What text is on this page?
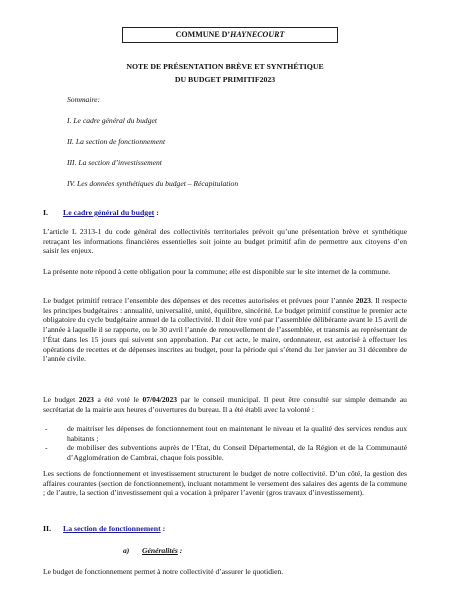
COMMUNE D’HAYNECOURT
NOTE DE PRÉSENTATION BRÈVE ET SYNTHÉTIQUE
DU BUDGET PRIMITIF2023
Sommaire:
I. Le cadre général du budget
II. La section de fonctionnement
III. La section d’investissement
IV. Les données synthétiques du budget – Récapitulation
I. Le cadre général du budget :

L’article L 2313-1 du code général des collectivités territoriales prévoit qu’une présentation brève et synthétique retraçant les informations financières essentielles soit jointe au budget primitif afin de permettre aux citoyens d’en saisir les enjeux.

La présente note répond à cette obligation pour la commune; elle est disponible sur le site internet de la commune.

Le budget primitif retrace l’ensemble des dépenses et des recettes autorisées et prévues pour l’année 2023. Il respecte les principes budgétaires : annualité, universalité, unité, équilibre, sincérité. Le budget primitif constitue le premier acte obligatoire du cycle budgétaire annuel de la collectivité. Il doit être voté par l’assemblée délibérante avant le 15 avril de l’année à laquelle il se rapporte, ou le 30 avril l’année de renouvellement de l’assemblée, et transmis au représentant de l’État dans les 15 jours qui suivent son approbation. Par cet acte, le maire, ordonnateur, est autorisé à effectuer les opérations de recettes et de dépenses inscrites au budget, pour la période qui s’étend du 1er janvier au 31 décembre de l’année civile.

Le budget 2023 a été voté le 07/04/2023 par le conseil municipal. Il peut être consulté sur simple demande au secrétariat de la mairie aux heures d’ouvertures du bureau. Il a été établi avec la volonté :

-	de maitriser les dépenses de fonctionnement tout en maintenant le niveau et la qualité des services rendus aux habitants ;
-	de mobiliser des subventions auprès de l’Etat, du Conseil Départemental, de la Région et de la Communauté d’Agglomération de Cambrai, chaque fois possible.

Les sections de fonctionnement et investissement structurent le budget de notre collectivité. D’un côté, la gestion des affaires courantes (section de fonctionnement), incluant notamment le versement des salaires des agents de la commune ; de l’autre, la section d’investissement qui a vocation à préparer l’avenir (gros travaux d’investissement).

II. La section de fonctionnement :
a) Généralités :

Le budget de fonctionnement permet à notre collectivité d’assurer le quotidien.
